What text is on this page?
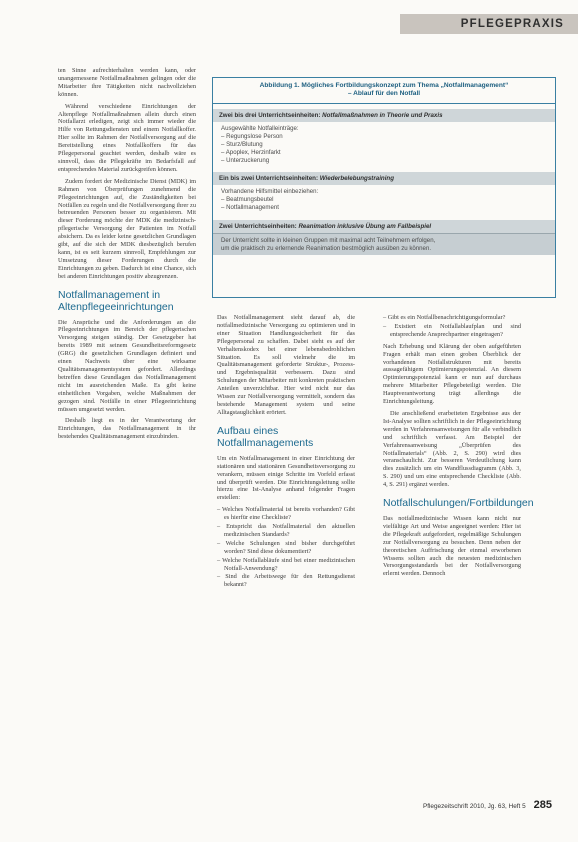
PFLEGEPRAXIS

ten Sinne aufrechterhalten werden kann, oder unangemessene Notfallmaßnahmen gelingen oder die Mitarbeiter ihre Tätigkeiten nicht nachvollziehen können.

Während verschiedene Einrichtungen der Altenpflege Notfallmaßnahmen allein durch einen Notfallarzt erledigen, zeigt sich immer wieder die Hilfe von Rettungsdiensten und einem Notfallkoffer. Hier sollte im Rahmen der Notfallversorgung auf die Bereitstellung eines Notfallkoffers für das Pflegepersonal geachtet werden, deshalb wäre es sinnvoll, dass die Pflegekräfte im Bedarfsfall auf entsprechendes Material zurückgreifen können.

Zudem fordert der Medizinische Dienst (MDK) im Rahmen von Überprüfungen zunehmend die Pflegeeinrichtungen auf, die Zuständigkeiten bei Notfällen zu regeln und die Notfallversorgung ihrer zu betreuenden Personen besser zu organisieren. Mit dieser Forderung möchte der MDK die medizinisch-pflegerische Versorgung der Patienten im Notfall absichern. Da es leider keine gesetzlichen Grundlagen gibt, auf die sich der MDK diesbezüglich berufen kann, ist es seit kurzem sinnvoll, Empfehlungen zur Umsetzung dieser Forderungen durch die Einrichtungen zu geben. Dadurch ist eine Chance, sich bei anderen Einrichtungen positiv abzugrenzen.

Notfallmanagement in Altenpflegeeinrichtungen

Die Ansprüche und die Anforderungen an die Pflegeeinrichtungen im Bereich der pflegerischen Versorgung steigen ständig. Der Gesetzgeber hat bereits 1989 mit seinem Gesundheitsreformgesetz (GRG) die gesetzlichen Grundlagen definiert und einen Nachweis über eine wirksame Qualitätsmanagementsystem gefordert. Allerdings betreffen diese Grundlagen das Notfallmanagement nicht im ausreichenden Maße. Es gibt keine einheitlichen Vorgaben, welche Maßnahmen der gezogen sind. Notfälle in einer Pflegeeinrichtung müssen umgesetzt werden.

Deshalb liegt es in der Verantwortung der Einrichtungen, das Notfallmanagement in ihr bestehendes Qualitätsmanagement einzubinden.

Abbildung 1. Mögliches Fortbildungskonzept zum Thema „Notfallmanagement“
– Ablauf für den Notfall
Zwei bis drei Unterrichtseinheiten: Notfallmaßnahmen in Theorie und Praxis
Ausgewählte Notfalleinträge:
– Regungslose Person
– Sturz/Blutung
– Apoplex, Herzinfarkt
– Unterzuckerung
Ein bis zwei Unterrichtseinheiten: Wiederbelebungstraining
Vorhandene Hilfsmittel einbeziehen:
– Beatmungsbeutel
– Notfallmanagement
Zwei Unterrichtseinheiten: Reanimation inklusive Übung am Fallbeispiel
Der Unterricht sollte in kleinen Gruppen mit maximal acht Teilnehmern erfolgen,
um die praktisch zu erlernende Reanimation bestmöglich ausüben zu können.

Das Notfallmanagement sieht darauf ab, die notfallmedizinische Versorgung zu optimieren und in einer Situation Handlungssicherheit für das Pflegepersonal zu schaffen. Dabei sieht es auf der Verhaltenskodex bei einer lebensbedrohlichen Situation. Es soll vielmehr die im Qualitätsmanagement geforderte Struktur-, Prozess- und Ergebnisqualität verbessern. Dazu sind Schulungen der Mitarbeiter mit konkreten praktischen Anteilen unverzichtbar. Hier wird nicht nur das Wissen zur Notfallversorgung vermittelt, sondern das bestehende Management system und seine Alltagstauglichkeit erörtert.

Aufbau eines Notfallmanagements

Um ein Notfallmanagement in einer Einrichtung der stationären und stationären Gesundheitsversorgung zu verankern, müssen einige Schritte im Vorfeld erfasst und überprüft werden. Die Einrichtungsleitung sollte hierzu eine Ist-Analyse anhand folgender Fragen erstellen:

– Welches Notfallmaterial ist bereits vorhanden? Gibt es hierfür eine Checkliste?
– Entspricht das Notfallmaterial den aktuellen medizinischen Standards?
– Welche Schulungen sind bisher durchgeführt worden? Sind diese dokumentiert?
– Welche Notfallabläufe sind bei einer medizinischen Notfall-Anwendung?
– Sind die Arbeitswege für den Rettungsdienst bekannt?
– Gibt es ein Notfallbenachrichtigungsformular?
– Existiert ein Notfallablaufplan und sind entsprechende Ansprechpartner eingetragen?

Nach Erhebung und Klärung der oben aufgeführten Fragen erhält man einen groben Überblick der vorhandenen Notfallstrukturen mit bereits aussagefähigem Optimierungspotenzial. An diesem Optimierungspotenzial kann er nun auf durchaus mehrere Mitarbeiter Pflegebeteiligt werden. Die Hauptverantwortung trägt allerdings die Einrichtungsleitung.

Die anschließend erarbeiteten Ergebnisse aus der Ist-Analyse sollten schriftlich in der Pflegeeinrichtung werden in Verfahrensanweisungen für alle verbindlich und schriftlich verfasst. Am Beispiel der Verfahrensanweisung „Überprüfen des Notfallmaterials“ (Abb. 2, S. 290) wird dies veranschaulicht. Zur besseren Verdeutlichung kann dies zusätzlich um ein Wandflussdiagramm (Abb. 3, S. 290) und um eine entsprechende Checkliste (Abb. 4, S. 291) ergänzt werden.

Notfallschulungen/Fortbildungen

Das notfallmedizinische Wissen kann nicht nur vielfältige Art und Weise angeeignet werden: Hier ist die Pflegekraft aufgefordert, regelmäßige Schulungen zur Notfallversorgung zu besuchen. Denn neben der theoretischen Auffrischung der einmal erworbenen Wissens sollten auch die neuesten medizinischen Versorgungsstandards bei der Notfallversorgung erlernt werden. Dennoch

Pflegezeitschrift 2010, Jg. 63, Heft 5 285
